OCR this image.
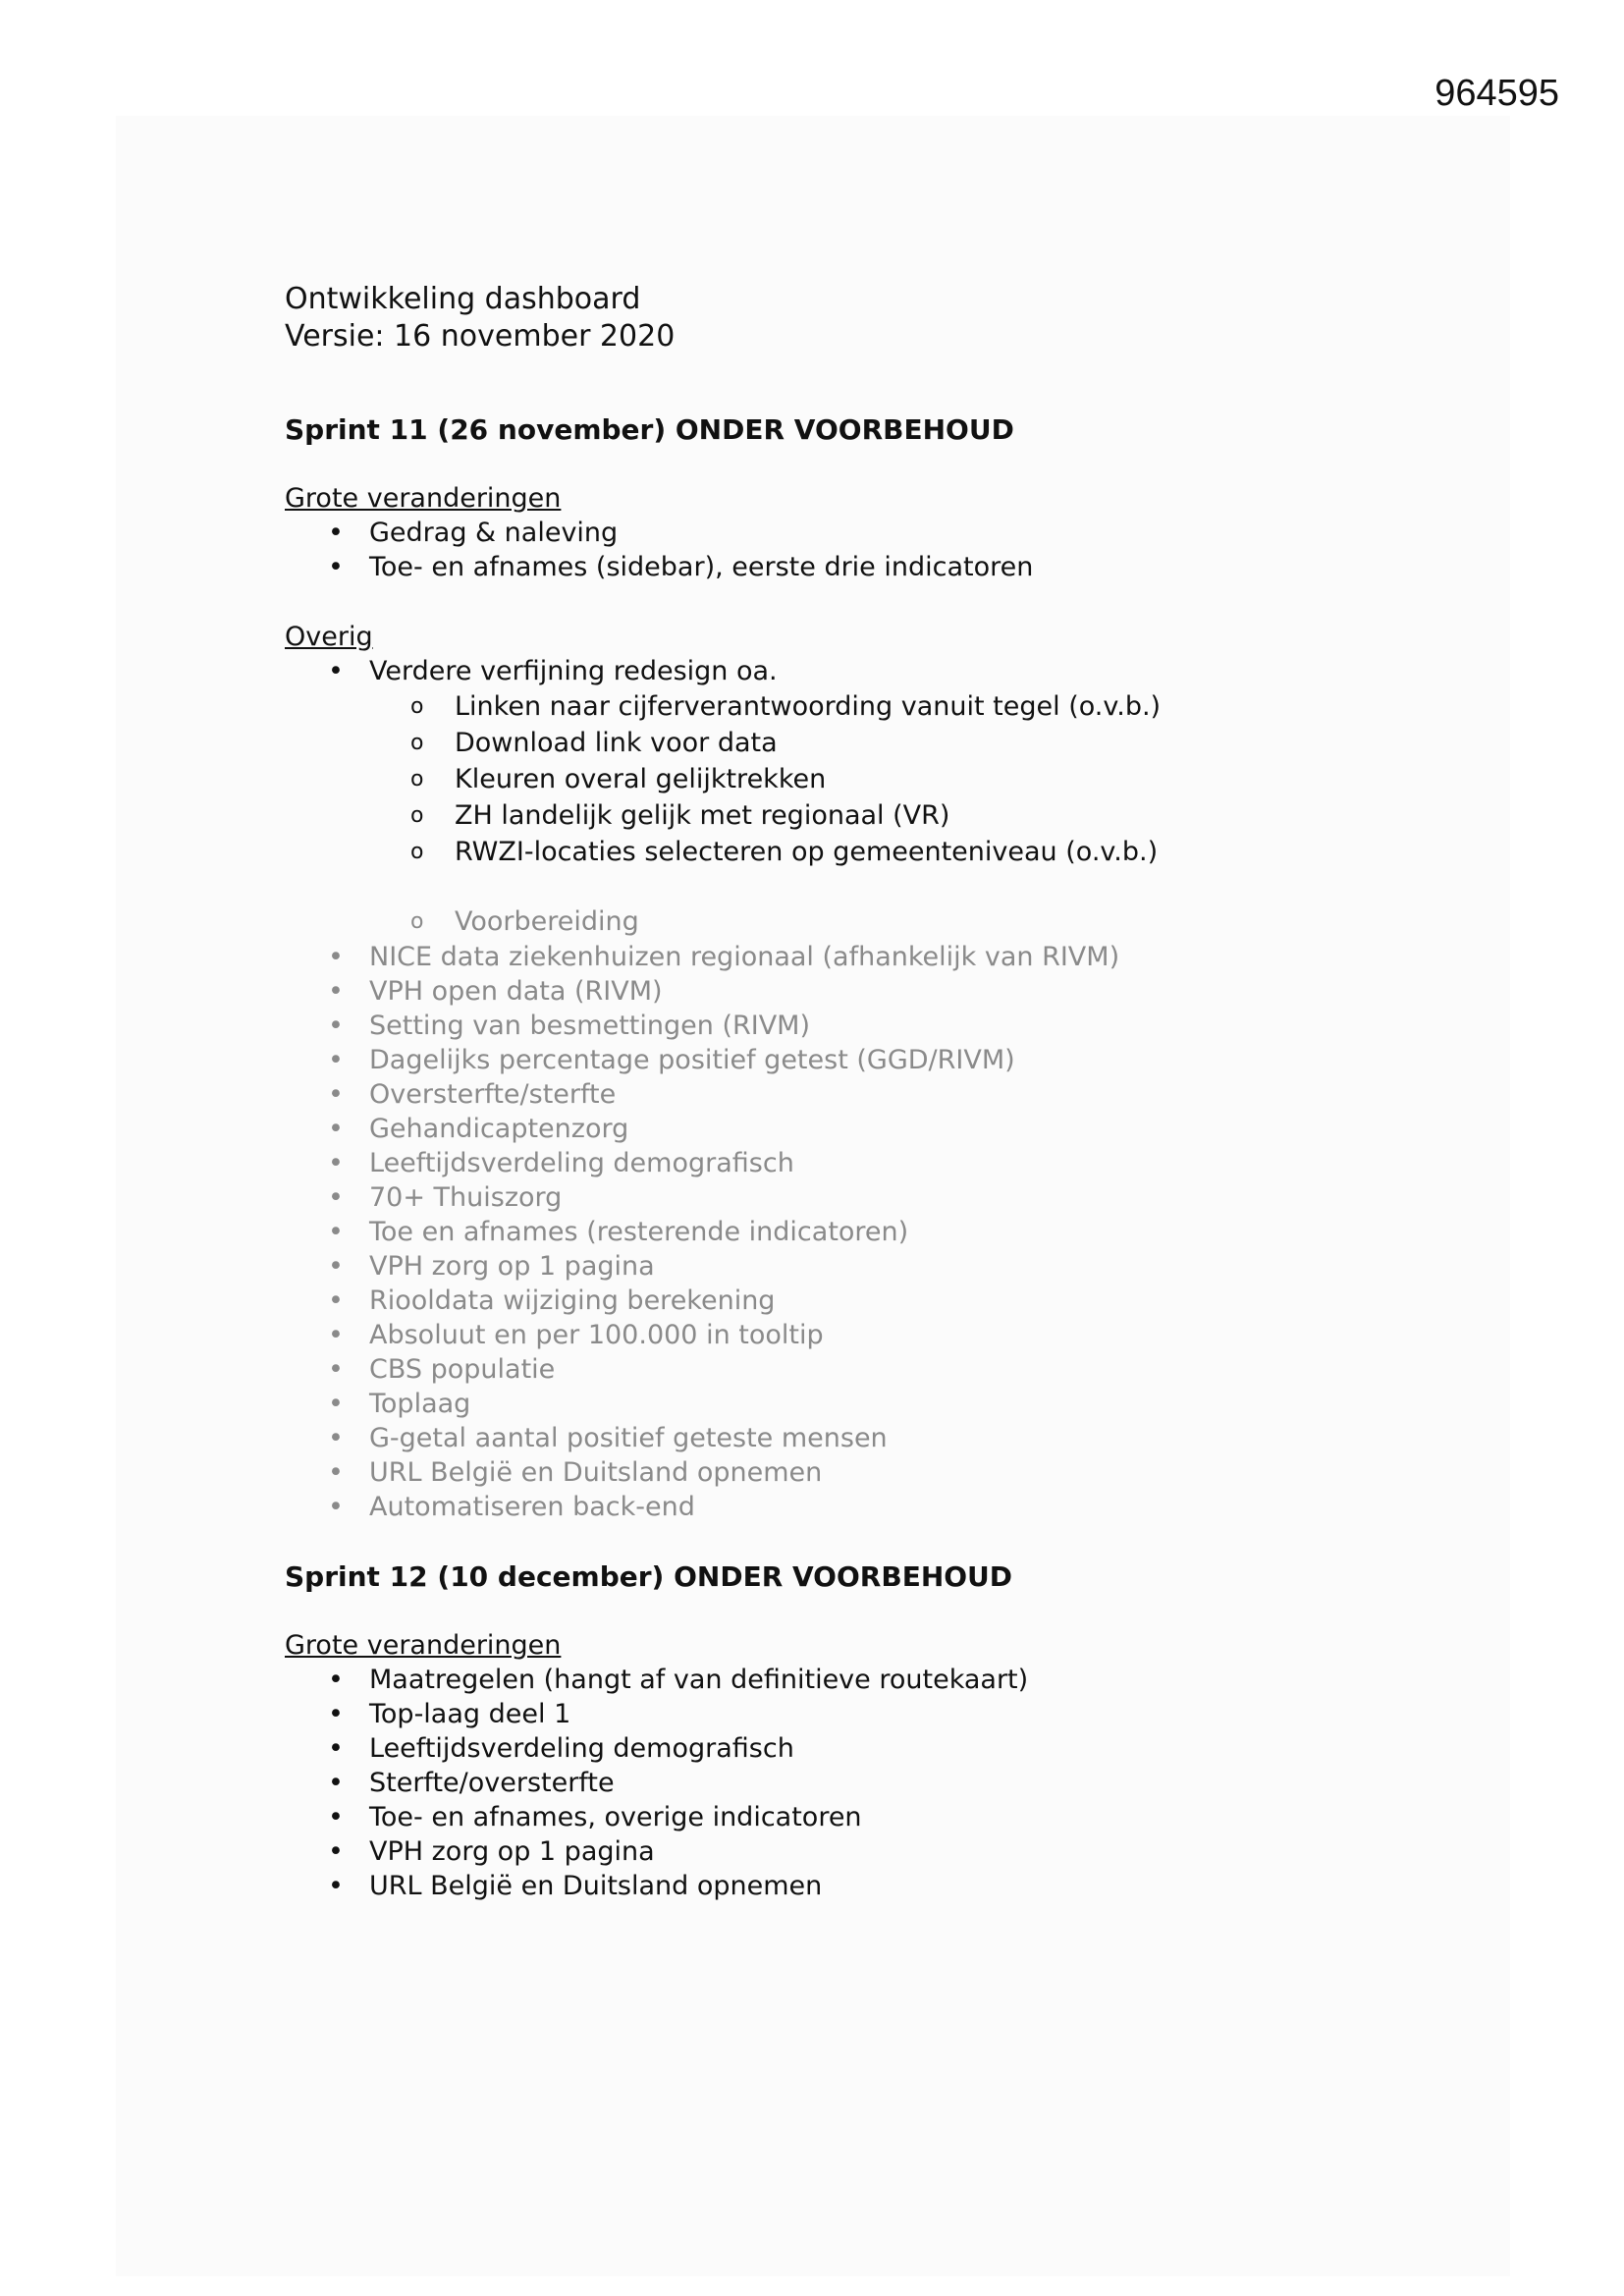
964595
Ontwikkeling dashboard
Versie: 16 november 2020
Sprint 11 (26 november) ONDER VOORBEHOUD
Grote veranderingen
• Gedrag & naleving
• Toe- en afnames (sidebar), eerste drie indicatoren
Overig
• Verdere verfijning redesign oa.
o Linken naar cijferverantwoording vanuit tegel (o.v.b.)
o Download link voor data
o Kleuren overal gelijktrekken
o ZH landelijk gelijk met regionaal (VR)
o RWZI-locaties selecteren op gemeenteniveau (o.v.b.)
o Voorbereiding
• NICE data ziekenhuizen regionaal (afhankelijk van RIVM)
• VPH open data (RIVM)
• Setting van besmettingen (RIVM)
• Dagelijks percentage positief getest (GGD/RIVM)
• Oversterfte/sterfte
• Gehandicaptenzorg
• Leeftijdsverdeling demografisch
• 70+ Thuiszorg
• Toe en afnames (resterende indicatoren)
• VPH zorg op 1 pagina
• Riooldata wijziging berekening
• Absoluut en per 100.000 in tooltip
• CBS populatie
• Toplaag
• G-getal aantal positief geteste mensen
• URL België en Duitsland opnemen
• Automatiseren back-end
Sprint 12 (10 december) ONDER VOORBEHOUD
Grote veranderingen
• Maatregelen (hangt af van definitieve routekaart)
• Top-laag deel 1
• Leeftijdsverdeling demografisch
• Sterfte/oversterfte
• Toe- en afnames, overige indicatoren
• VPH zorg op 1 pagina
• URL België en Duitsland opnemen
